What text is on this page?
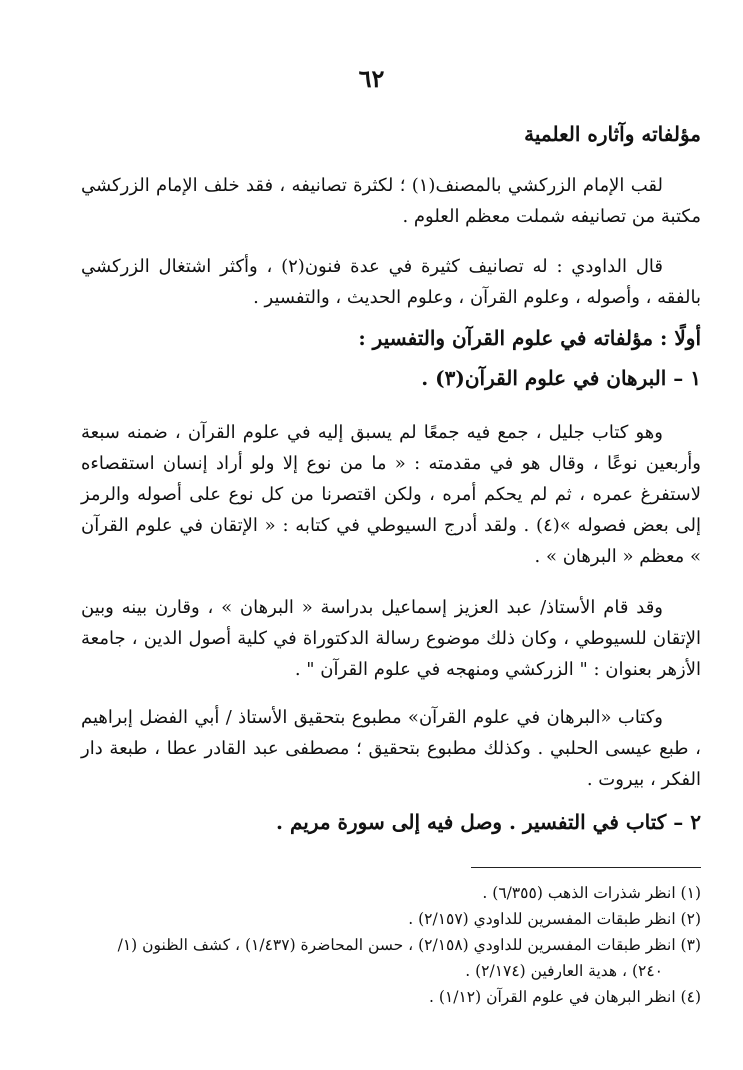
٦٢
مؤلفاته وآثاره العلمية
لقب الإمام الزركشي بالمصنف(١) ؛ لكثرة تصانيفه ، فقد خلف الإمام الزركشي مكتبة من تصانيفه شملت معظم العلوم .
قال الداودي : له تصانيف كثيرة في عدة فنون(٢) ، وأكثر اشتغال الزركشي بالفقه ، وأصوله ، وعلوم القرآن ، وعلوم الحديث ، والتفسير .
أولًا : مؤلفاته في علوم القرآن والتفسير :
١ – البرهان في علوم القرآن(٣) .
وهو كتاب جليل ، جمع فيه جمعًا لم يسبق إليه في علوم القرآن ، ضمنه سبعة وأربعين نوعًا ، وقال هو في مقدمته : « ما من نوع إلا ولو أراد إنسان استقصاءه لاستفرغ عمره ، ثم لم يحكم أمره ، ولكن اقتصرنا من كل نوع على أصوله والرمز إلى بعض فصوله »(٤) . ولقد أدرج السيوطي في كتابه : « الإتقان في علوم القرآن » معظم « البرهان » .
وقد قام الأستاذ/ عبد العزيز إسماعيل بدراسة « البرهان » ، وقارن بينه وبين الإتقان للسيوطي ، وكان ذلك موضوع رسالة الدكتوراة في كلية أصول الدين ، جامعة الأزهر بعنوان : " الزركشي ومنهجه في علوم القرآن " .
وكتاب «البرهان في علوم القرآن» مطبوع بتحقيق الأستاذ / أبي الفضل إبراهيم ، طبع عيسى الحلبي . وكذلك مطبوع بتحقيق ؛ مصطفى عبد القادر عطا ، طبعة دار الفكر ، بيروت .
٢ – كتاب في التفسير . وصل فيه إلى سورة مريم .
(١) انظر شذرات الذهب (٦/٣٥٥) .
(٢) انظر طبقات المفسرين للداودي (٢/١٥٧) .
(٣) انظر طبقات المفسرين للداودي (٢/١٥٨) ، حسن المحاضرة (١/٤٣٧) ، كشف الظنون (١/
٢٤٠) ، هدية العارفين (٢/١٧٤) .
(٤) انظر البرهان في علوم القرآن (١/١٢) .
